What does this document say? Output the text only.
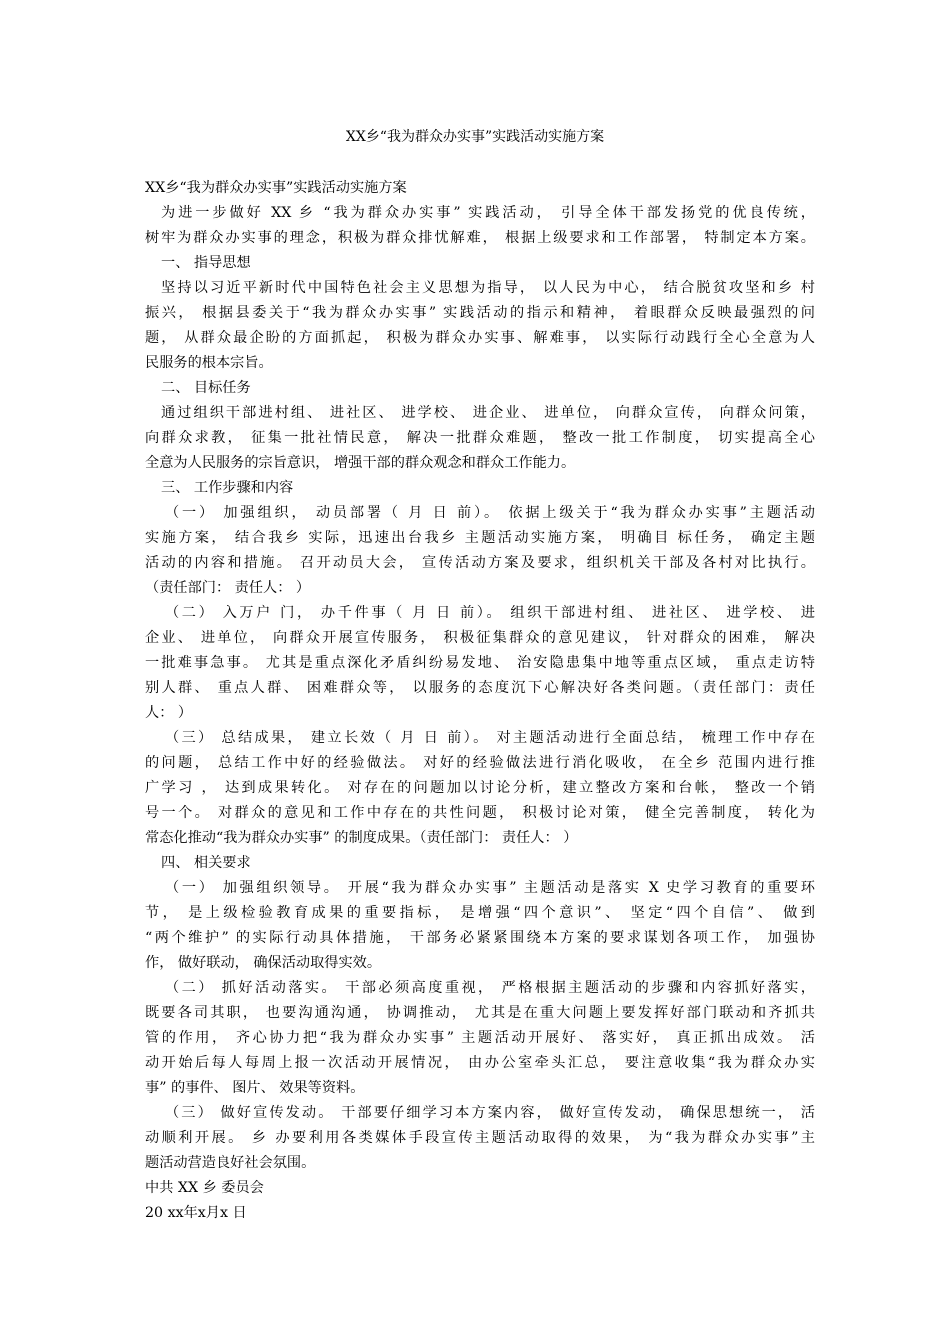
XX乡“我为群众办实事”实践活动实施方案
XX乡“我为群众办实事”实践活动实施方案
为进一步做好 XX 乡 “我为群众办实事” 实践活动， 引导全体干部发扬党的优良传统，
树牢为群众办实事的理念，积极为群众排忧解难， 根据上级要求和工作部署， 特制定本方案。
一、 指导思想
坚持以习近平新时代中国特色社会主义思想为指导， 以人民为中心， 结合脱贫攻坚和乡 村
振兴， 根据县委关于“我为群众办实事” 实践活动的指示和精神， 着眼群众反映最强烈的问
题， 从群众最企盼的方面抓起， 积极为群众办实事、解难事， 以实际行动践行全心全意为人
民服务的根本宗旨。
二、 目标任务
通过组织干部进村组、 进社区、 进学校、 进企业、 进单位， 向群众宣传， 向群众问策，
向群众求教， 征集一批社情民意， 解决一批群众难题， 整改一批工作制度， 切实提高全心
全意为人民服务的宗旨意识， 增强干部的群众观念和群众工作能力。
三、 工作步骤和内容
（一） 加强组织， 动员部署（ 月 日 前）。 依据上级关于“我为群众办实事”主题活动
实施方案， 结合我乡 实际，迅速出台我乡 主题活动实施方案， 明确目 标任务， 确定主题
活动的内容和措施。 召开动员大会， 宣传活动方案及要求，组织机关干部及各村对比执行。
（责任部门： 责任人： ）
（二） 入万户 门， 办千件事（ 月 日 前）。 组织干部进村组、 进社区、 进学校、 进
企业、 进单位， 向群众开展宣传服务， 积极征集群众的意见建议， 针对群众的困难， 解决
一批难事急事。 尤其是重点深化矛盾纠纷易发地、 治安隐患集中地等重点区域， 重点走访特
别人群、 重点人群、 困难群众等， 以服务的态度沉下心解决好各类问题。（责任部门：责任
人： ）
（三） 总结成果， 建立长效（ 月 日 前）。 对主题活动进行全面总结， 梳理工作中存在
的问题， 总结工作中好的经验做法。 对好的经验做法进行消化吸收， 在全乡 范围内进行推
广学习 ， 达到成果转化。 对存在的问题加以讨论分析，建立整改方案和台帐， 整改一个销
号一个。 对群众的意见和工作中存在的共性问题， 积极讨论对策， 健全完善制度， 转化为
常态化推动“我为群众办实事” 的制度成果。（责任部门： 责任人： ）
四、 相关要求
（一） 加强组织领导。 开展“我为群众办实事” 主题活动是落实 X 史学习教育的重要环
节， 是上级检验教育成果的重要指标， 是增强“四个意识”、 坚定“四个自信”、 做到
“两个维护” 的实际行动具体措施， 干部务必紧紧围绕本方案的要求谋划各项工作， 加强协
作， 做好联动， 确保活动取得实效。
（二） 抓好活动落实。 干部必须高度重视， 严格根据主题活动的步骤和内容抓好落实，
既要各司其职， 也要沟通沟通， 协调推动， 尤其是在重大问题上要发挥好部门联动和齐抓共
管的作用， 齐心协力把“我为群众办实事” 主题活动开展好、 落实好， 真正抓出成效。 活
动开始后每人每周上报一次活动开展情况， 由办公室牵头汇总， 要注意收集“我为群众办实
事” 的事件、 图片、 效果等资料。
（三） 做好宣传发动。 干部要仔细学习本方案内容， 做好宣传发动， 确保思想统一， 活
动顺利开展。 乡 办要利用各类媒体手段宣传主题活动取得的效果， 为“我为群众办实事”主
题活动营造良好社会氛围。
中共 XX 乡 委员会
20 xx年x月x 日
